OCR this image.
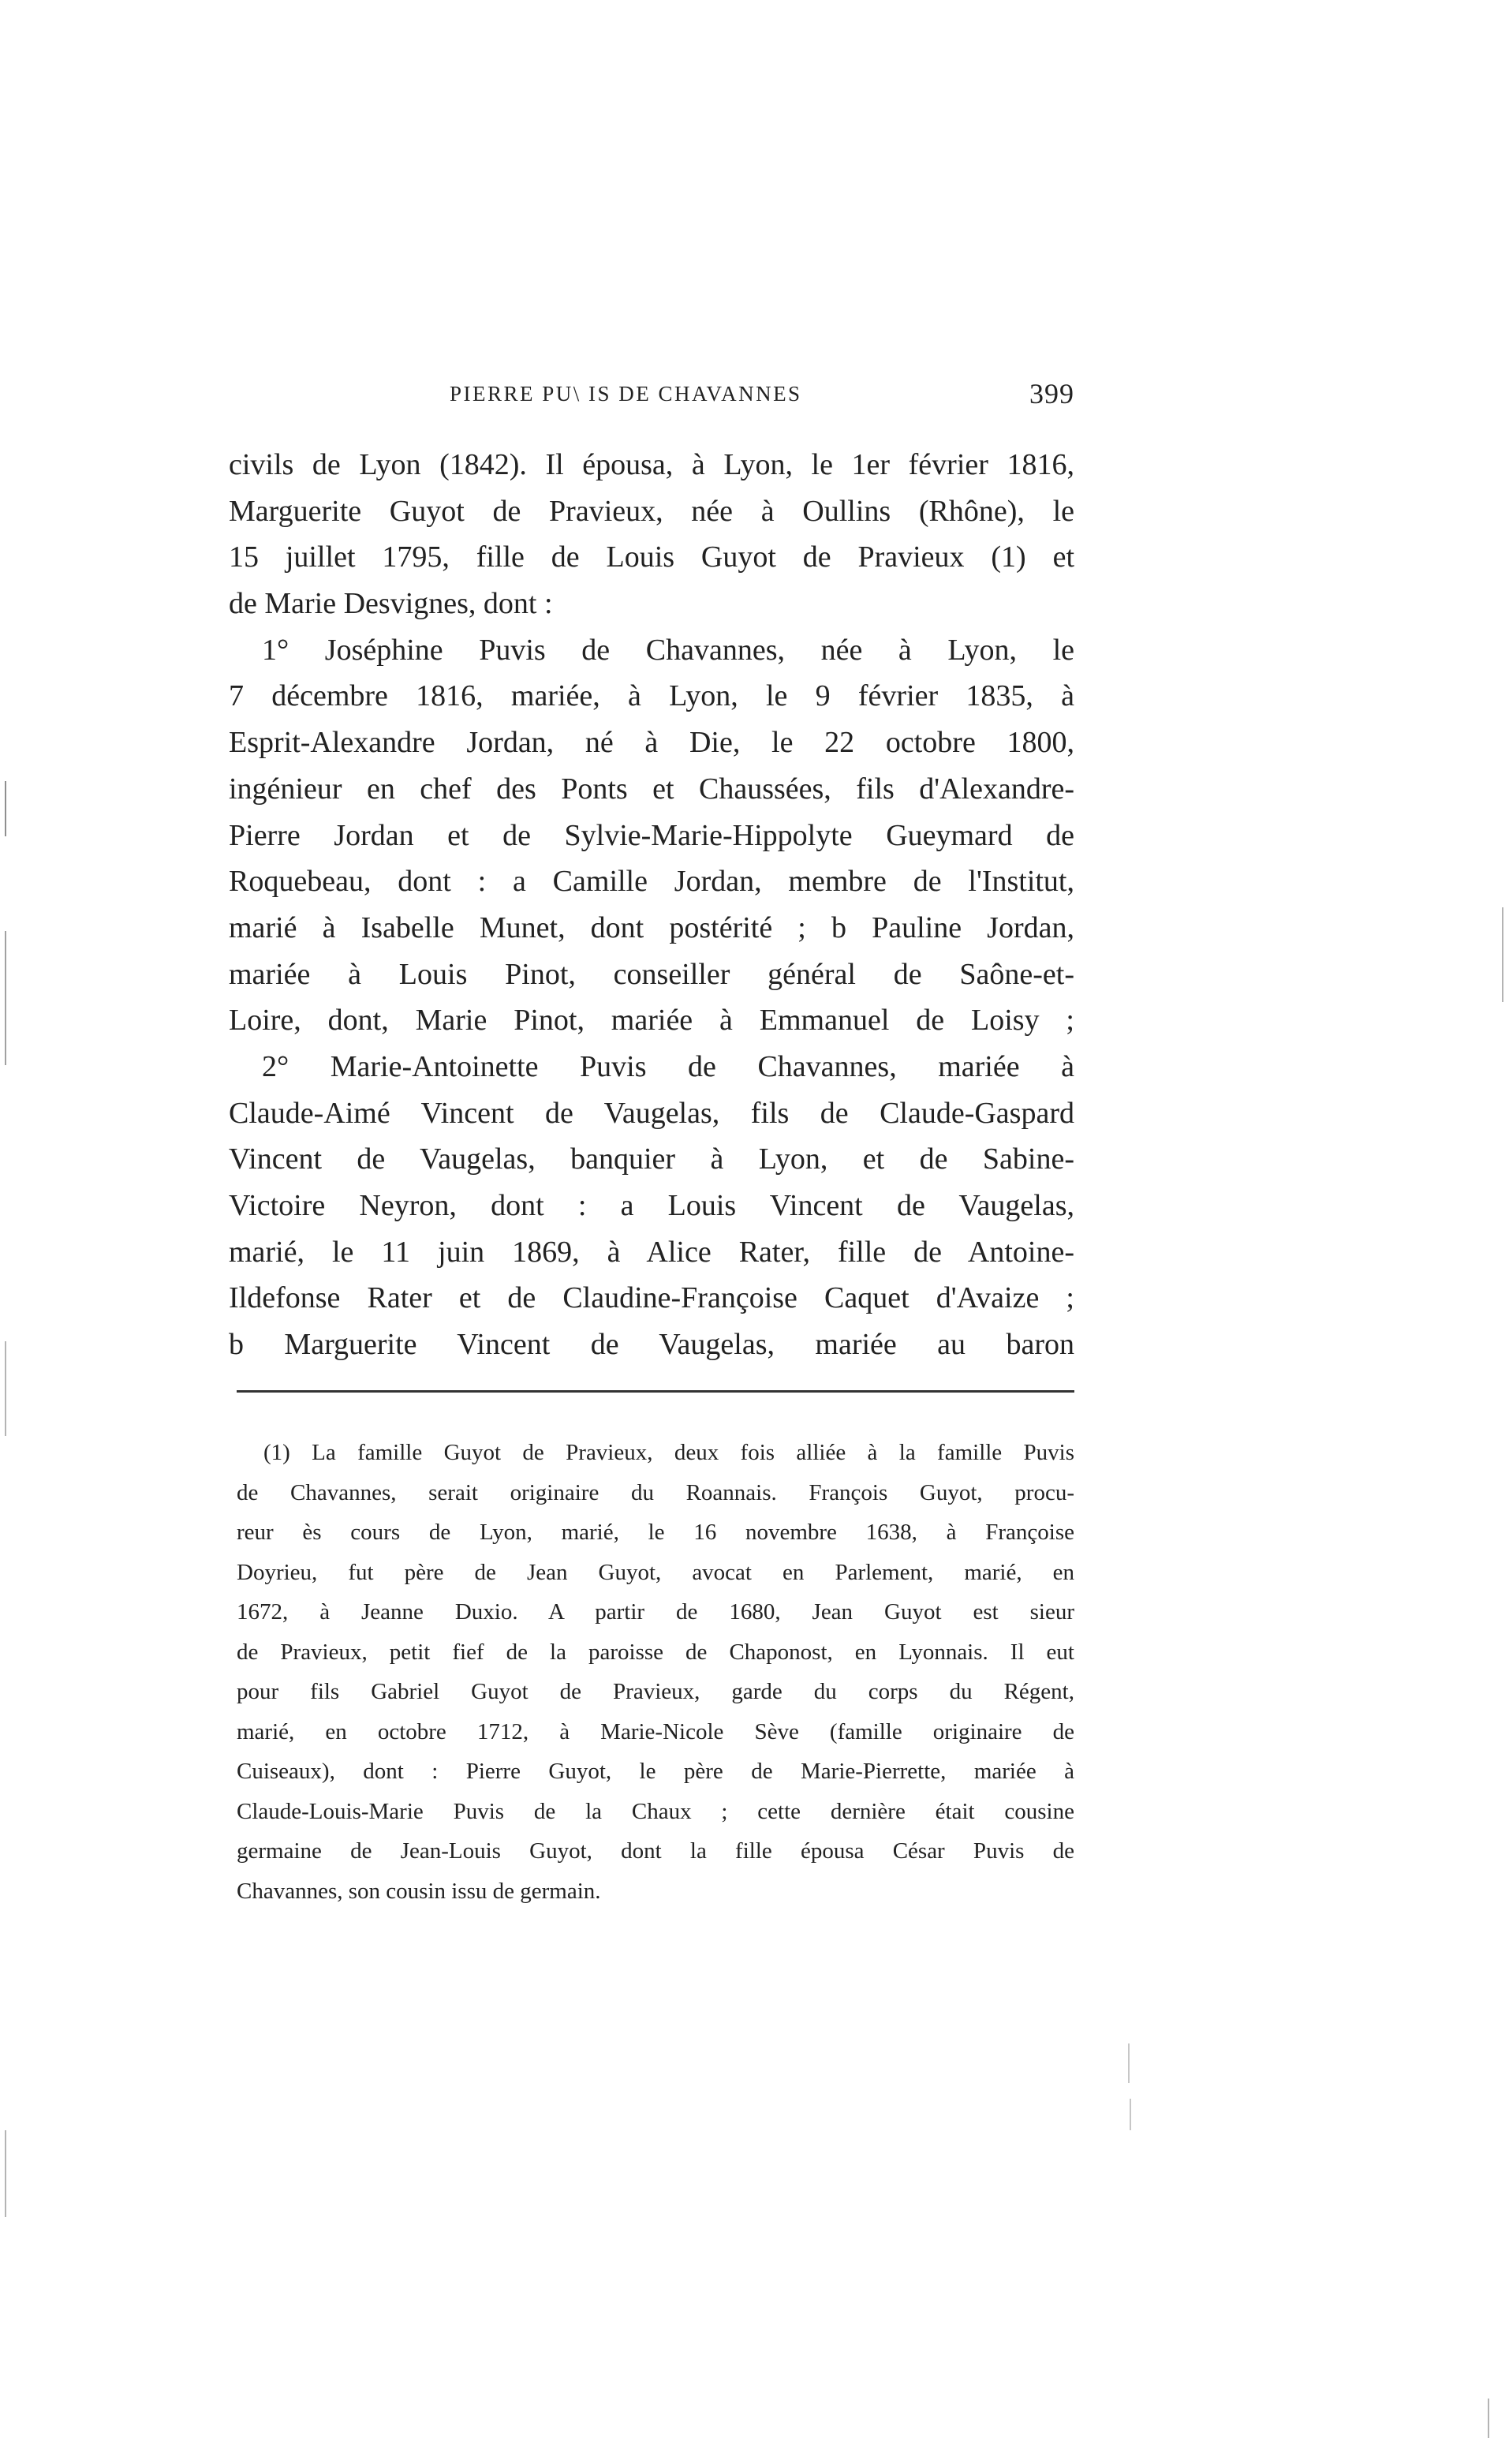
PIERRE PU\ IS DE CHAVANNES	399
civils de Lyon (1842). Il épousa, à Lyon, le 1er février 1816,
Marguerite Guyot de Pravieux, née à Oullins (Rhône), le
15 juillet 1795, fille de Louis Guyot de Pravieux (1) et
de Marie Desvignes, dont :
1° Joséphine Puvis de Chavannes, née à Lyon, le
7 décembre 1816, mariée, à Lyon, le 9 février 1835, à
Esprit-Alexandre Jordan, né à Die, le 22 octobre 1800,
ingénieur en chef des Ponts et Chaussées, fils d'Alexandre-
Pierre Jordan et de Sylvie-Marie-Hippolyte Gueymard de
Roquebeau, dont : a Camille Jordan, membre de l'Institut,
marié à Isabelle Munet, dont postérité ; b Pauline Jordan,
mariée à Louis Pinot, conseiller général de Saône-et-
Loire, dont, Marie Pinot, mariée à Emmanuel de Loisy ;
2° Marie-Antoinette Puvis de Chavannes, mariée à
Claude-Aimé Vincent de Vaugelas, fils de Claude-Gaspard
Vincent de Vaugelas, banquier à Lyon, et de Sabine-
Victoire Neyron, dont : a Louis Vincent de Vaugelas,
marié, le 11 juin 1869, à Alice Rater, fille de Antoine-
Ildefonse Rater et de Claudine-Françoise Caquet d'Avaize ;
b Marguerite Vincent de Vaugelas, mariée au baron
(1) La famille Guyot de Pravieux, deux fois alliée à la famille Puvis
de Chavannes, serait originaire du Roannais. François Guyot, procu-
reur ès cours de Lyon, marié, le 16 novembre 1638, à Françoise
Doyrieu, fut père de Jean Guyot, avocat en Parlement, marié, en
1672, à Jeanne Duxio. A partir de 1680, Jean Guyot est sieur
de Pravieux, petit fief de la paroisse de Chaponost, en Lyonnais. Il eut
pour fils Gabriel Guyot de Pravieux, garde du corps du Régent,
marié, en octobre 1712, à Marie-Nicole Sève (famille originaire de
Cuiseaux), dont : Pierre Guyot, le père de Marie-Pierrette, mariée à
Claude-Louis-Marie Puvis de la Chaux ; cette dernière était cousine
germaine de Jean-Louis Guyot, dont la fille épousa César Puvis de
Chavannes, son cousin issu de germain.
